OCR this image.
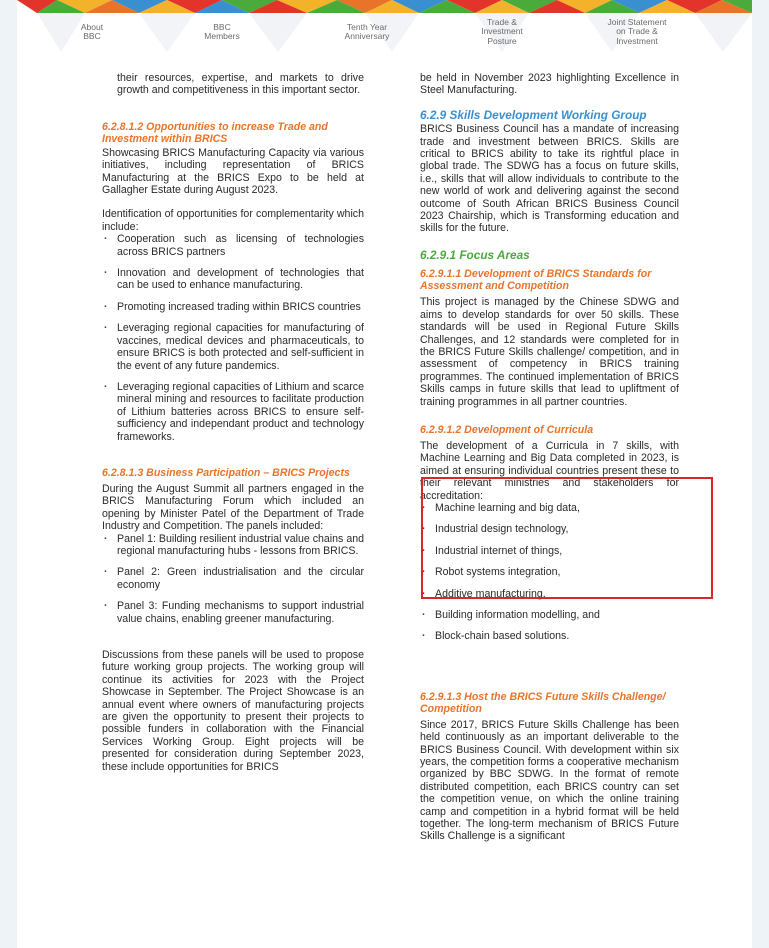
About
BBC
BBC
Members
Tenth Year
Anniversary
Trade &
Investment
Posture
Joint Statement
on Trade &
Investment

their resources, expertise, and markets to drive growth and competitiveness in this important sector.

6.2.8.1.2 Opportunities to increase Trade and Investment within BRICS

Showcasing BRICS Manufacturing Capacity via various initiatives, including representation of BRICS Manufacturing at the BRICS Expo to be held at Gallagher Estate during August 2023.

Identification of opportunities for complementarity which include:

· Cooperation such as licensing of technologies across BRICS partners
· Innovation and development of technologies that can be used to enhance manufacturing.
· Promoting increased trading within BRICS countries
· Leveraging regional capacities for manufacturing of vaccines, medical devices and pharmaceuticals, to ensure BRICS is both protected and self-sufficient in the event of any future pandemics.
· Leveraging regional capacities of Lithium and scarce mineral mining and resources to facilitate production of Lithium batteries across BRICS to ensure self-sufficiency and independant product and technology frameworks.

6.2.8.1.3 Business Participation – BRICS Projects

During the August Summit all partners engaged in the BRICS Manufacturing Forum which included an opening by Minister Patel of the Department of Trade Industry and Competition. The panels included:

· Panel 1: Building resilient industrial value chains and regional manufacturing hubs - lessons from BRICS.
· Panel 2: Green industrialisation and the circular economy
· Panel 3: Funding mechanisms to support industrial value chains, enabling greener manufacturing.

Discussions from these panels will be used to propose future working group projects. The working group will continue its activities for 2023 with the Project Showcase in September. The Project Showcase is an annual event where owners of manufacturing projects are given the opportunity to present their projects to possible funders in collaboration with the Financial Services Working Group. Eight projects will be presented for consideration during September 2023, these include opportunities for BRICS

be held in November 2023 highlighting Excellence in Steel Manufacturing.

6.2.9 Skills Development Working Group

BRICS Business Council has a mandate of increasing trade and investment between BRICS. Skills are critical to BRICS ability to take its rightful place in global trade. The SDWG has a focus on future skills, i.e., skills that will allow individuals to contribute to the new world of work and delivering against the second outcome of South African BRICS Business Council 2023 Chairship, which is Transforming education and skills for the future.

6.2.9.1 Focus Areas

6.2.9.1.1 Development of BRICS Standards for Assessment and Competition

This project is managed by the Chinese SDWG and aims to develop standards for over 50 skills. These standards will be used in Regional Future Skills Challenges, and 12 standards were completed for in the BRICS Future Skills challenge/ competition, and in assessment of competency in BRICS training programmes. The continued implementation of BRICS Skills camps in future skills that lead to upliftment of training programmes in all partner countries.

6.2.9.1.2 Development of Curricula

The development of a Curricula in 7 skills, with Machine Learning and Big Data completed in 2023, is aimed at ensuring individual countries present these to their relevant ministries and stakeholders for accreditation:

· Machine learning and big data,
· Industrial design technology,
· Industrial internet of things,
· Robot systems integration,
· Additive manufacturing,
· Building information modelling, and
· Block-chain based solutions.

6.2.9.1.3 Host the BRICS Future Skills Challenge/ Competition

Since 2017, BRICS Future Skills Challenge has been held continuously as an important deliverable to the BRICS Business Council. With development within six years, the competition forms a cooperative mechanism organized by BBC SDWG. In the format of remote distributed competition, each BRICS country can set the competition venue, on which the online training camp and competition in a hybrid format will be held together. The long-term mechanism of BRICS Future Skills Challenge is a significant
